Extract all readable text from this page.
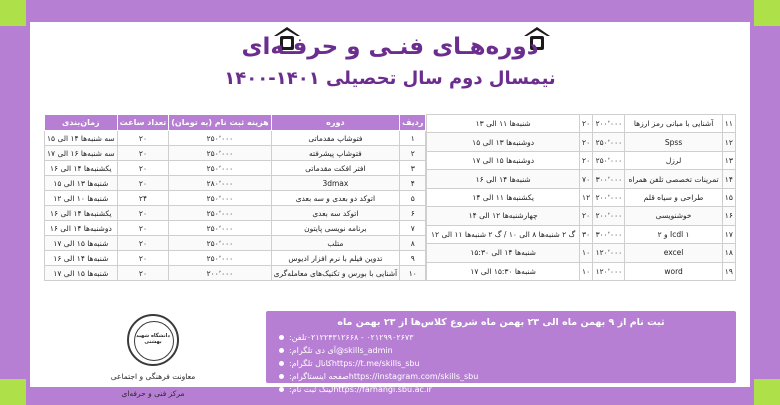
دوره‌هـای فنـی و حرفـه‌ای
نیمسال دوم سال تحصیلی ۱۴۰۱-۱۴۰۰
ردیف	دوره	هزینه ثبت نام (به تومان)	تعداد ساعت	زمان‌بندی
۱	فتوشاپ مقدماتی	۲۵۰٬۰۰۰	۲۰	سه شنبه‌ها ۱۴ الی ۱۵
۲	فتوشاپ پیشرفته	۲۵۰٬۰۰۰	۲۰	سه شنبه‌ها ۱۶ الی ۱۷
۳	افتر افکت مقدماتی	۲۵۰٬۰۰۰	۲۰	یکشنبه‌ها ۱۴ الی ۱۶
۴	3dmax	۲۸۰٬۰۰۰	۲۰	شنبه‌ها ۱۳ الی ۱۵
۵	اتوکد دو بعدی و سه بعدی	۲۵۰٬۰۰۰	۲۴	شنبه‌ها ۱۰ الی ۱۲
۶	اتوکد سه بعدی	۲۵۰٬۰۰۰	۲۰	یکشنبه‌ها ۱۴ الی ۱۶
۷	برنامه نویسی پایتون	۲۵۰٬۰۰۰	۲۰	دوشنبه‌ها ۱۴ الی ۱۶
۸	متلب	۲۵۰٬۰۰۰	۲۰	شنبه‌ها ۱۵ الی ۱۷
۹	تدوین فیلم با نرم افزار ادیوس	۲۵۰٬۰۰۰	۲۰	شنبه‌ها ۱۴ الی ۱۶
۱۰	آشنایی با بورس و تکنیک‌های معامله‌گری	۲۰۰٬۰۰۰	۲۰	شنبه‌ها ۱۵ الی ۱۷
۱۱	آشنایی با مبانی رمز ارزها	۲۰۰٬۰۰۰	۲۰	شنبه‌ها ۱۱ الی ۱۳
۱۲	Spss	۲۵۰٬۰۰۰	۲۰	دوشنبه‌ها ۱۳ الی ۱۵
۱۳	لرزل	۲۵۰٬۰۰۰	۲۰	دوشنبه‌ها ۱۵ الی ۱۷
۱۴	تمرینات تخصصی تلفن همراه	۳۰۰٬۰۰۰	۷۰	شنبه‌ها ۱۴ الی ۱۶
۱۵	طراحی و سیاه قلم	۲۰۰٬۰۰۰	۱۲	یکشنبه‌ها ۱۱ الی ۱۴
۱۶	خوشنویسی	۲۰۰٬۰۰۰	۲۰	چهارشنبه‌ها ۱۲ الی ۱۴
۱۷	Icdl ۱ و ۲	۳۰۰٬۰۰۰	۳۰	گ ۲ شنبه‌ها ۸ الی ۱۰ / گ ۲ شنبه‌ها ۱۱ الی ۱۲
۱۸	excel	۱۲۰٬۰۰۰	۱۰	شنبه‌ها ۱۴ الی ۱۵:۳۰
۱۹	word	۱۲۰٬۰۰۰	۱۰	شنبه‌ها ۱۵:۳۰ الی ۱۷
ثبت نام از ۹ بهمن ماه الی ۲۳ بهمن ماه شروع کلاس‌ها از ۲۳ بهمن ماه
تلفن: ۰۲۱۲۲۴۳۱۲۶۶۸ - ۰۲۱۲۹۹۰۲۶۷۳
آی دی تلگرام: @skills_admin
کانال تلگرام: https://t.me/skills_sbu
صفحه اینستاگرام: https://instagram.com/skills_sbu
لینک ثبت نام: https://farhangi.sbu.ac.ir
دانشگاه شهید بهشتی
معاونت فرهنگی و اجتماعی
مرکز فنی و حرفه‌ای
